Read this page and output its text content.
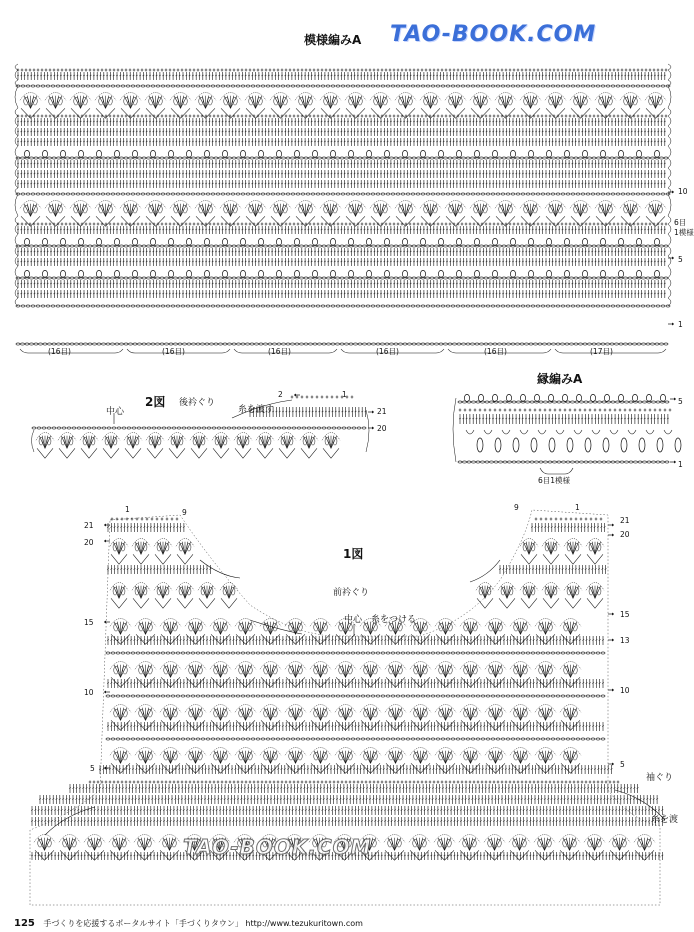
TAO-BOOK.COM
模様編みA
10
6目
1模様
5
1
(16目)	(16目)	(16目)	(16目)	(16目)	(17目)
2図 後衿ぐり
中心	糸を渡す
2	1
21
20
縁編みA
6目1模様
5
1
1図
前衿ぐり
中心 糸をつける
袖ぐり
糸を渡
1	9
9	1
21
20
15
10
5
21
20
15
13
10
5
TAO-BOOK.COM
125 手づくりを応援するポータルサイト「手づくりタウン」 http://www.tezukuritown.com
